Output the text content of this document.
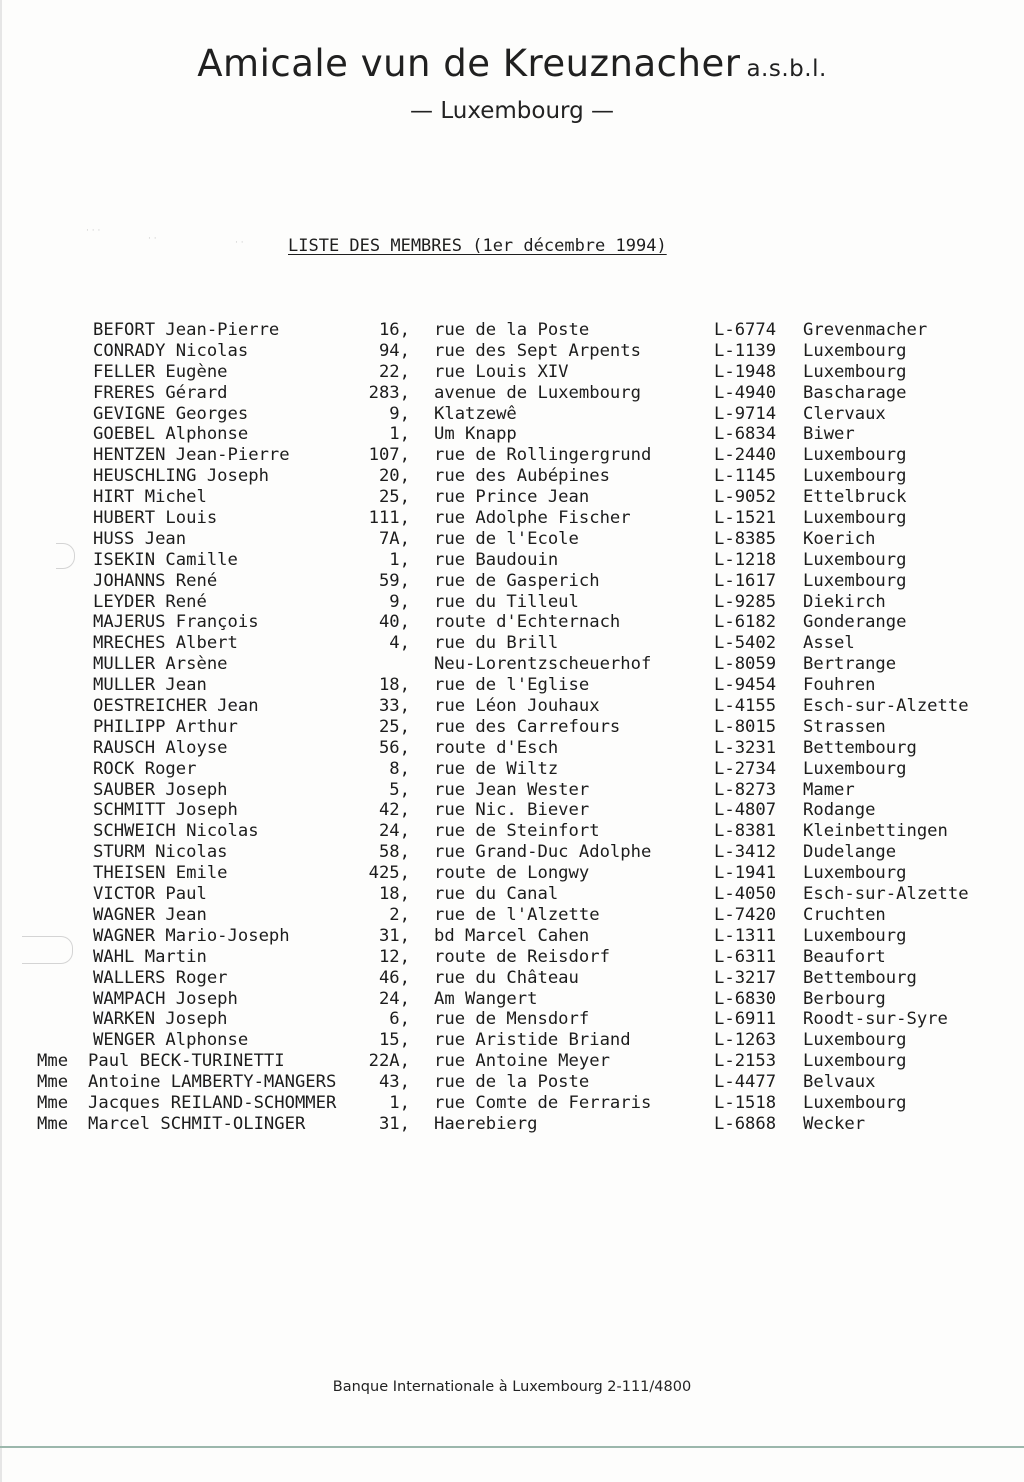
Amicale vun de Kreuznacher a.s.b.l.
— Luxembourg —
· · ·
· ·	· ·	LISTE DES MEMBRES (1er décembre 1994)
BEFORT Jean-Pierre	16, rue de la Poste	L-6774 Grevenmacher
CONRADY Nicolas	94, rue des Sept Arpents	L-1139 Luxembourg
FELLER Eugène	22, rue Louis XIV	L-1948 Luxembourg
FRERES Gérard	283, avenue de Luxembourg	L-4940 Bascharage
GEVIGNE Georges	9, Klatzewê	L-9714 Clervaux
GOEBEL Alphonse	1, Um Knapp	L-6834 Biwer
HENTZEN Jean-Pierre	107, rue de Rollingergrund	L-2440 Luxembourg
HEUSCHLING Joseph	20, rue des Aubépines	L-1145 Luxembourg
HIRT Michel	25, rue Prince Jean	L-9052 Ettelbruck
HUBERT Louis	111, rue Adolphe Fischer	L-1521 Luxembourg
HUSS Jean	7A, rue de l'Ecole	L-8385 Koerich
ISEKIN Camille	1, rue Baudouin	L-1218 Luxembourg
JOHANNS René	59, rue de Gasperich	L-1617 Luxembourg
LEYDER René	9, rue du Tilleul	L-9285 Diekirch
MAJERUS François	40, route d'Echternach	L-6182 Gonderange
MRECHES Albert	4, rue du Brill	L-5402 Assel
MULLER Arsène	Neu-Lorentzscheuerhof	L-8059 Bertrange
MULLER Jean	18, rue de l'Eglise	L-9454 Fouhren
OESTREICHER Jean	33, rue Léon Jouhaux	L-4155 Esch-sur-Alzette
PHILIPP Arthur	25, rue des Carrefours	L-8015 Strassen
RAUSCH Aloyse	56, route d'Esch	L-3231 Bettembourg
ROCK Roger	8, rue de Wiltz	L-2734 Luxembourg
SAUBER Joseph	5, rue Jean Wester	L-8273 Mamer
SCHMITT Joseph	42, rue Nic. Biever	L-4807 Rodange
SCHWEICH Nicolas	24, rue de Steinfort	L-8381 Kleinbettingen
STURM Nicolas	58, rue Grand-Duc Adolphe	L-3412 Dudelange
THEISEN Emile	425, route de Longwy	L-1941 Luxembourg
VICTOR Paul	18, rue du Canal	L-4050 Esch-sur-Alzette
WAGNER Jean	2, rue de l'Alzette	L-7420 Cruchten
WAGNER Mario-Joseph	31, bd Marcel Cahen	L-1311 Luxembourg
WAHL Martin	12, route de Reisdorf	L-6311 Beaufort
WALLERS Roger	46, rue du Château	L-3217 Bettembourg
WAMPACH Joseph	24, Am Wangert	L-6830 Berbourg
WARKEN Joseph	6, rue de Mensdorf	L-6911 Roodt-sur-Syre
WENGER Alphonse	15, rue Aristide Briand	L-1263 Luxembourg
Mme Paul BECK-TURINETTI	22A, rue Antoine Meyer	L-2153 Luxembourg
Mme Antoine LAMBERTY-MANGERS 43, rue de la Poste	L-4477 Belvaux
Mme Jacques REILAND-SCHOMMER	1, rue Comte de Ferraris	L-1518 Luxembourg
Mme Marcel SCHMIT-OLINGER	31, Haerebierg	L-6868 Wecker
Banque Internationale à Luxembourg 2-111/4800
